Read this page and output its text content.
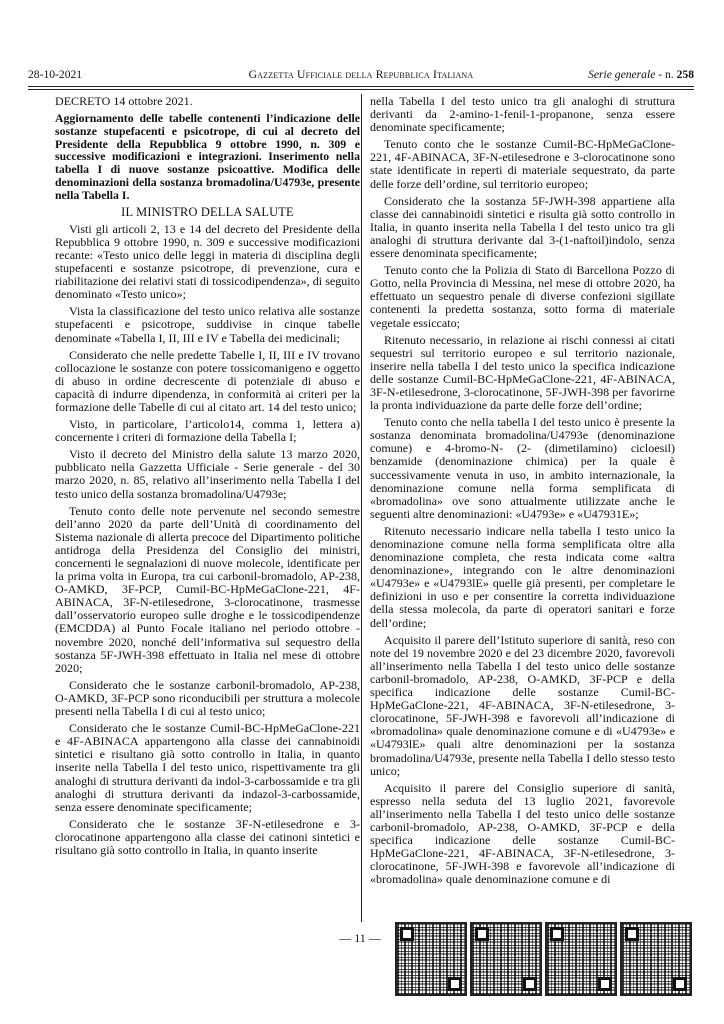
28-10-2021	Gazzetta Ufficiale della Repubblica Italiana	Serie generale - n. 258

DECRETO 14 ottobre 2021.

Aggiornamento delle tabelle contenenti l’indicazione delle sostanze stupefacenti e psicotrope, di cui al decreto del Presidente della Repubblica 9 ottobre 1990, n. 309 e successive modificazioni e integrazioni. Inserimento nella tabella I di nuove sostanze psicoattive. Modifica delle denominazioni della sostanza bromadolina/U4793e, presente nella Tabella I.

IL MINISTRO DELLA SALUTE

Visti gli articoli 2, 13 e 14 del decreto del Presidente della Repubblica 9 ottobre 1990, n. 309 e successive modificazioni recante: «Testo unico delle leggi in materia di disciplina degli stupefacenti e sostanze psicotrope, di prevenzione, cura e riabilitazione dei relativi stati di tossicodipendenza», di seguito denominato «Testo unico»;

Vista la classificazione del testo unico relativa alle sostanze stupefacenti e psicotrope, suddivise in cinque tabelle denominate «Tabella I, II, III e IV e Tabella dei medicinali;

Considerato che nelle predette Tabelle I, II, III e IV trovano collocazione le sostanze con potere tossicomanigeno e oggetto di abuso in ordine decrescente di potenziale di abuso e capacità di indurre dipendenza, in conformità ai criteri per la formazione delle Tabelle di cui al citato art. 14 del testo unico;

Visto, in particolare, l’articolo14, comma 1, lettera a) concernente i criteri di formazione della Tabella I;

Visto il decreto del Ministro della salute 13 marzo 2020, pubblicato nella Gazzetta Ufficiale - Serie generale - del 30 marzo 2020, n. 85, relativo all’inserimento nella Tabella I del testo unico della sostanza bromadolina/U4793e;

Tenuto conto delle note pervenute nel secondo semestre dell’anno 2020 da parte dell’Unità di coordinamento del Sistema nazionale di allerta precoce del Dipartimento politiche antidroga della Presidenza del Consiglio dei ministri, concernenti le segnalazioni di nuove molecole, identificate per la prima volta in Europa, tra cui carbonil-bromadolo, AP-238, O-AMKD, 3F-PCP, Cumil-BC-HpMeGaClone-221, 4F-ABINACA, 3F-N-etilesedrone, 3-clorocatinone, trasmesse dall’osservatorio europeo sulle droghe e le tossicodipendenze (EMCDDA) al Punto Focale italiano nel periodo ottobre - novembre 2020, nonché dell’informativa sul sequestro della sostanza 5F-JWH-398 effettuato in Italia nel mese di ottobre 2020;

Considerato che le sostanze carbonil-bromadolo, AP-238, O-AMKD, 3F-PCP sono riconducibili per struttura a molecole presenti nella Tabella I di cui al testo unico;

Considerato che le sostanze Cumil-BC-HpMeGaClone-221 e 4F-ABINACA appartengono alla classe dei cannabinoidi sintetici e risultano già sotto controllo in Italia, in quanto inserite nella Tabella I del testo unico, rispettivamente tra gli analoghi di struttura derivanti da indol-3-carbossamide e tra gli analoghi di struttura derivanti da indazol-3-carbossamide, senza essere denominate specificamente;

Considerato che le sostanze 3F-N-etilesedrone e 3-clorocatinone appartengono alla classe dei catinoni sintetici e risultano già sotto controllo in Italia, in quanto inserite

nella Tabella I del testo unico tra gli analoghi di struttura derivanti da 2-amino-1-fenil-1-propanone, senza essere denominate specificamente;

Tenuto conto che le sostanze Cumil-BC-HpMeGaClone-221, 4F-ABINACA, 3F-N-etilesedrone e 3-clorocatinone sono state identificate in reperti di materiale sequestrato, da parte delle forze dell’ordine, sul territorio europeo;

Considerato che la sostanza 5F-JWH-398 appartiene alla classe dei cannabinoidi sintetici e risulta già sotto controllo in Italia, in quanto inserita nella Tabella I del testo unico tra gli analoghi di struttura derivante dal 3-(1-naftoil)indolo, senza essere denominata specificamente;

Tenuto conto che la Polizia di Stato di Barcellona Pozzo di Gotto, nella Provincia di Messina, nel mese di ottobre 2020, ha effettuato un sequestro penale di diverse confezioni sigillate contenenti la predetta sostanza, sotto forma di materiale vegetale essiccato;

Ritenuto necessario, in relazione ai rischi connessi ai citati sequestri sul territorio europeo e sul territorio nazionale, inserire nella tabella I del testo unico la specifica indicazione delle sostanze Cumil-BC-HpMeGaClone-221, 4F-ABINACA, 3F-N-etilesedrone, 3-clorocatinone, 5F-JWH-398 per favorirne la pronta individuazione da parte delle forze dell’ordine;

Tenuto conto che nella tabella I del testo unico è presente la sostanza denominata bromadolina/U4793e (denominazione comune) e 4-bromo-N- (2- (dimetilamino) cicloesil) benzamide (denominazione chimica) per la quale è successivamente venuta in uso, in ambito internazionale, la denominazione comune nella forma semplificata di «bromadolina» ove sono attualmente utilizzate anche le seguenti altre denominazioni: «U4793e» e «U47931E»;

Ritenuto necessario indicare nella tabella I testo unico la denominazione comune nella forma semplificata oltre alla denominazione completa, che resta indicata come «altra denominazione», integrando con le altre denominazioni «U4793e» e «U4793lE» quelle già presenti, per completare le definizioni in uso e per consentire la corretta individuazione della stessa molecola, da parte di operatori sanitari e forze dell’ordine;

Acquisito il parere dell’Istituto superiore di sanità, reso con note del 19 novembre 2020 e del 23 dicembre 2020, favorevoli all’inserimento nella Tabella I del testo unico delle sostanze carbonil-bromadolo, AP-238, O-AMKD, 3F-PCP e della specifica indicazione delle sostanze Cumil-BC-HpMeGaClone-221, 4F-ABINACA, 3F-N-etilesedrone, 3-clorocatinone, 5F-JWH-398 e favorevoli all’indicazione di «bromadolina» quale denominazione comune e di «U4793e» e «U4793lE» quali altre denominazioni per la sostanza bromadolina/U4793e, presente nella Tabella I dello stesso testo unico;

Acquisito il parere del Consiglio superiore di sanità, espresso nella seduta del 13 luglio 2021, favorevole all’inserimento nella Tabella I del testo unico delle sostanze carbonil-bromadolo, AP-238, O-AMKD, 3F-PCP e della specifica indicazione delle sostanze Cumil-BC-HpMeGaClone-221, 4F-ABINACA, 3F-N-etilesedrone, 3-clorocatinone, 5F-JWH-398 e favorevole all’indicazione di «bromadolina» quale denominazione comune e di

— 11 —
